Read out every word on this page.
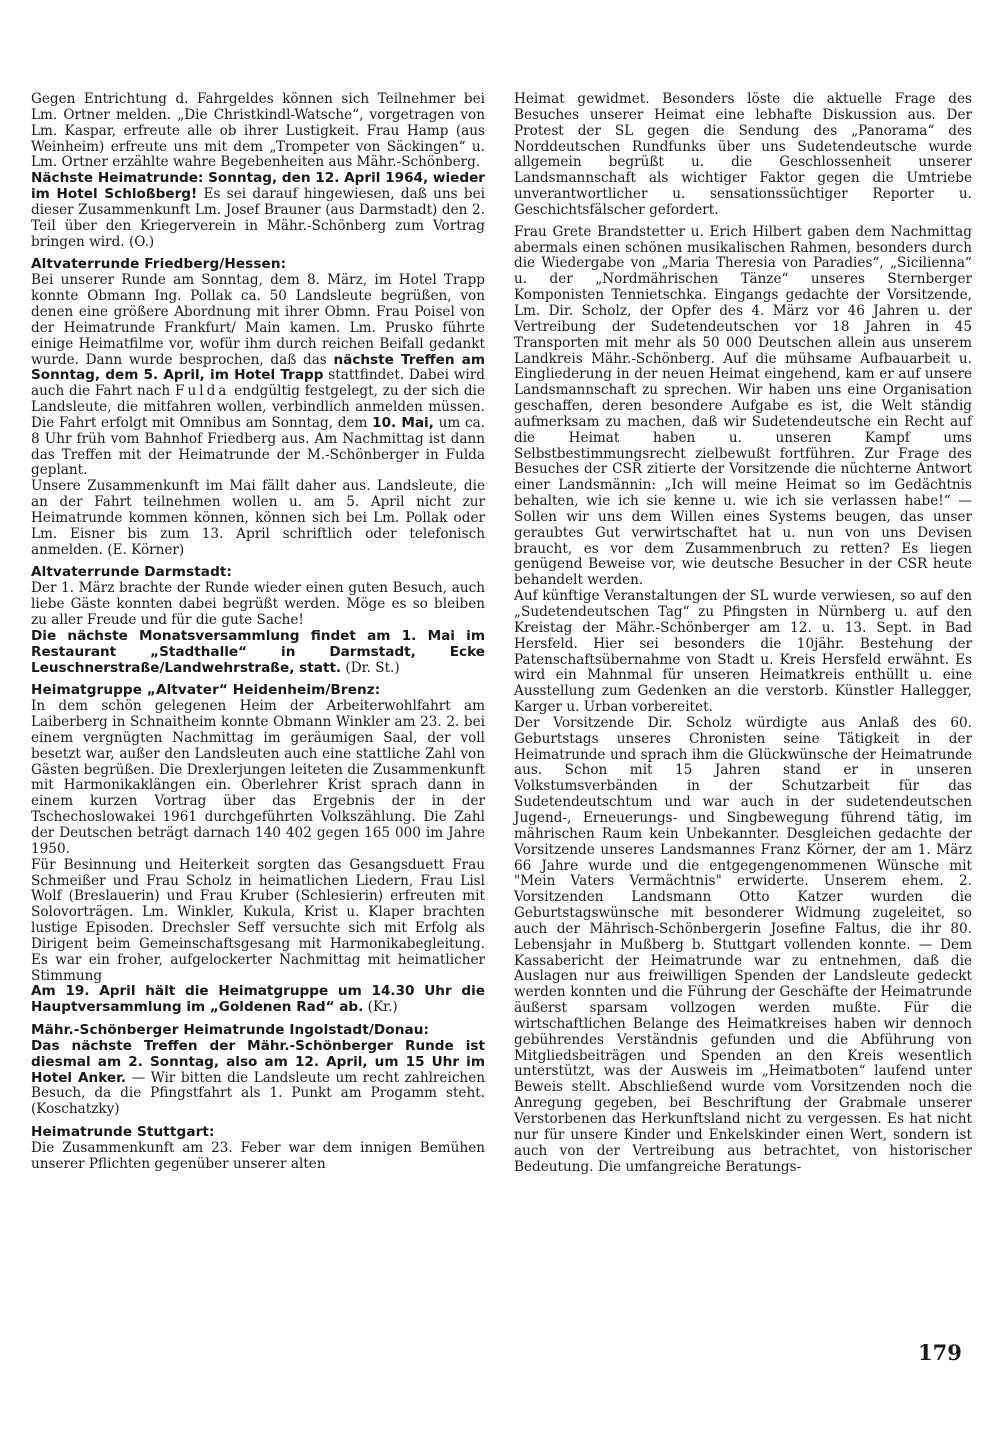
Gegen Entrichtung d. Fahrgeldes können sich Teilnehmer bei Lm. Ortner melden. „Die Christkindl-Watsche“, vorgetragen von Lm. Kaspar, erfreute alle ob ihrer Lustigkeit. Frau Hamp (aus Weinheim) erfreute uns mit dem „Trompeter von Säckingen“ u. Lm. Ortner erzählte wahre Begebenheiten aus Mähr.-Schönberg.

Nächste Heimatrunde: Sonntag, den 12. April 1964, wieder im Hotel Schloßberg! Es sei darauf hingewiesen, daß uns bei dieser Zusammenkunft Lm. Josef Brauner (aus Darmstadt) den 2. Teil über den Kriegerverein in Mähr.-Schönberg zum Vortrag bringen wird. (O.)

Altvaterrunde Friedberg/Hessen:

Bei unserer Runde am Sonntag, dem 8. März, im Hotel Trapp konnte Obmann Ing. Pollak ca. 50 Landsleute begrüßen, von denen eine größere Abordnung mit ihrer Obmn. Frau Poisel von der Heimatrunde Frankfurt/ Main kamen. Lm. Prusko führte einige Heimatfilme vor, wofür ihm durch reichen Beifall gedankt wurde. Dann wurde besprochen, daß das nächste Treffen am Sonntag, dem 5. April, im Hotel Trapp stattfindet. Dabei wird auch die Fahrt nach Fulda endgültig festgelegt, zu der sich die Landsleute, die mitfahren wollen, verbindlich anmelden müssen. Die Fahrt erfolgt mit Omnibus am Sonntag, dem 10. Mai, um ca. 8 Uhr früh vom Bahnhof Friedberg aus. Am Nachmittag ist dann das Treffen mit der Heimatrunde der M.-Schönberger in Fulda geplant.

Unsere Zusammenkunft im Mai fällt daher aus. Landsleute, die an der Fahrt teilnehmen wollen u. am 5. April nicht zur Heimatrunde kommen können, können sich bei Lm. Pollak oder Lm. Eisner bis zum 13. April schriftlich oder telefonisch anmelden. (E. Körner)

Altvaterrunde Darmstadt:

Der 1. März brachte der Runde wieder einen guten Besuch, auch liebe Gäste konnten dabei begrüßt werden. Möge es so bleiben zu aller Freude und für die gute Sache!

Die nächste Monatsversammlung findet am 1. Mai im Restaurant „Stadthalle“ in Darmstadt, Ecke Leuschnerstraße/Landwehrstraße, statt. (Dr. St.)

Heimatgruppe „Altvater“ Heidenheim/Brenz:

In dem schön gelegenen Heim der Arbeiterwohlfahrt am Laiberberg in Schnaitheim konnte Obmann Winkler am 23. 2. bei einem vergnügten Nachmittag im geräumigen Saal, der voll besetzt war, außer den Landsleuten auch eine stattliche Zahl von Gästen begrüßen. Die Drexlerjungen leiteten die Zusammenkunft mit Harmonikaklängen ein. Oberlehrer Krist sprach dann in einem kurzen Vortrag über das Ergebnis der in der Tschechoslowakei 1961 durchgeführten Volkszählung. Die Zahl der Deutschen beträgt darnach 140 402 gegen 165 000 im Jahre 1950.

Für Besinnung und Heiterkeit sorgten das Gesangsduett Frau Schmeißer und Frau Scholz in heimatlichen Liedern, Frau Lisl Wolf (Breslauerin) und Frau Kruber (Schlesierin) erfreuten mit Solovorträgen. Lm. Winkler, Kukula, Krist u. Klaper brachten lustige Episoden. Drechsler Seff versuchte sich mit Erfolg als Dirigent beim Gemeinschaftsgesang mit Harmonikabegleitung. Es war ein froher, aufgelockerter Nachmittag mit heimatlicher Stimmung

Am 19. April hält die Heimatgruppe um 14.30 Uhr die Hauptversammlung im „Goldenen Rad“ ab. (Kr.)

Mähr.-Schönberger Heimatrunde Ingolstadt/Donau:

Das nächste Treffen der Mähr.-Schönberger Runde ist diesmal am 2. Sonntag, also am 12. April, um 15 Uhr im Hotel Anker. — Wir bitten die Landsleute um recht zahlreichen Besuch, da die Pfingstfahrt als 1. Punkt am Progamm steht. (Koschatzky)

Heimatrunde Stuttgart:

Die Zusammenkunft am 23. Feber war dem innigen Bemühen unserer Pflichten gegenüber unserer alten

Heimat gewidmet. Besonders löste die aktuelle Frage des Besuches unserer Heimat eine lebhafte Diskussion aus. Der Protest der SL gegen die Sendung des „Panorama“ des Norddeutschen Rundfunks über uns Sudetendeutsche wurde allgemein begrüßt u. die Geschlossenheit unserer Landsmannschaft als wichtiger Faktor gegen die Umtriebe unverantwortlicher u. sensationssüchtiger Reporter u. Geschichtsfälscher gefordert.

Frau Grete Brandstetter u. Erich Hilbert gaben dem Nachmittag abermals einen schönen musikalischen Rahmen, besonders durch die Wiedergabe von „Maria Theresia von Paradies“, „Sicilienna“ u. der „Nordmährischen Tänze“ unseres Sternberger Komponisten Tennietschka. Eingangs gedachte der Vorsitzende, Lm. Dir. Scholz, der Opfer des 4. März vor 46 Jahren u. der Vertreibung der Sudetendeutschen vor 18 Jahren in 45 Transporten mit mehr als 50 000 Deutschen allein aus unserem Landkreis Mähr.-Schönberg. Auf die mühsame Aufbauarbeit u. Eingliederung in der neuen Heimat eingehend, kam er auf unsere Landsmannschaft zu sprechen. Wir haben uns eine Organisation geschaffen, deren besondere Aufgabe es ist, die Welt ständig aufmerksam zu machen, daß wir Sudetendeutsche ein Recht auf die Heimat haben u. unseren Kampf ums Selbstbestimmungsrecht zielbewußt fortführen. Zur Frage des Besuches der CSR zitierte der Vorsitzende die nüchterne Antwort einer Landsmännin: „Ich will meine Heimat so im Gedächtnis behalten, wie ich sie kenne u. wie ich sie verlassen habe!“ — Sollen wir uns dem Willen eines Systems beugen, das unser geraubtes Gut verwirtschaftet hat u. nun von uns Devisen braucht, es vor dem Zusammenbruch zu retten? Es liegen genügend Beweise vor, wie deutsche Besucher in der CSR heute behandelt werden.

Auf künftige Veranstaltungen der SL wurde verwiesen, so auf den „Sudetendeutschen Tag“ zu Pfingsten in Nürnberg u. auf den Kreistag der Mähr.-Schönberger am 12. u. 13. Sept. in Bad Hersfeld. Hier sei besonders die 10jähr. Bestehung der Patenschaftsübernahme von Stadt u. Kreis Hersfeld erwähnt. Es wird ein Mahnmal für unseren Heimatkreis enthüllt u. eine Ausstellung zum Gedenken an die verstorb. Künstler Hallegger, Karger u. Urban vorbereitet.

Der Vorsitzende Dir. Scholz würdigte aus Anlaß des 60. Geburtstags unseres Chronisten seine Tätigkeit in der Heimatrunde und sprach ihm die Glückwünsche der Heimatrunde aus. Schon mit 15 Jahren stand er in unseren Volkstumsverbänden in der Schutzarbeit für das Sudetendeutschtum und war auch in der sudetendeutschen Jugend-, Erneuerungs- und Singbewegung führend tätig, im mährischen Raum kein Unbekannter. Desgleichen gedachte der Vorsitzende unseres Landsmannes Franz Körner, der am 1. März 66 Jahre wurde und die entgegengenommenen Wünsche mit "Mein Vaters Vermächtnis" erwiderte. Unserem ehem. 2. Vorsitzenden Landsmann Otto Katzer wurden die Geburtstagswünsche mit besonderer Widmung zugeleitet, so auch der Mährisch-Schönbergerin Josefine Faltus, die ihr 80. Lebensjahr in Mußberg b. Stuttgart vollenden konnte. — Dem Kassabericht der Heimatrunde war zu entnehmen, daß die Auslagen nur aus freiwilligen Spenden der Landsleute gedeckt werden konnten und die Führung der Geschäfte der Heimatrunde äußerst sparsam vollzogen werden mußte. Für die wirtschaftlichen Belange des Heimatkreises haben wir dennoch gebührendes Verständnis gefunden und die Abführung von Mitgliedsbeiträgen und Spenden an den Kreis wesentlich unterstützt, was der Ausweis im „Heimatboten“ laufend unter Beweis stellt. Abschließend wurde vom Vorsitzenden noch die Anregung gegeben, bei Beschriftung der Grabmale unserer Verstorbenen das Herkunftsland nicht zu vergessen. Es hat nicht nur für unsere Kinder und Enkelskinder einen Wert, sondern ist auch von der Vertreibung aus betrachtet, von historischer Bedeutung. Die umfangreiche Beratungs-

179
